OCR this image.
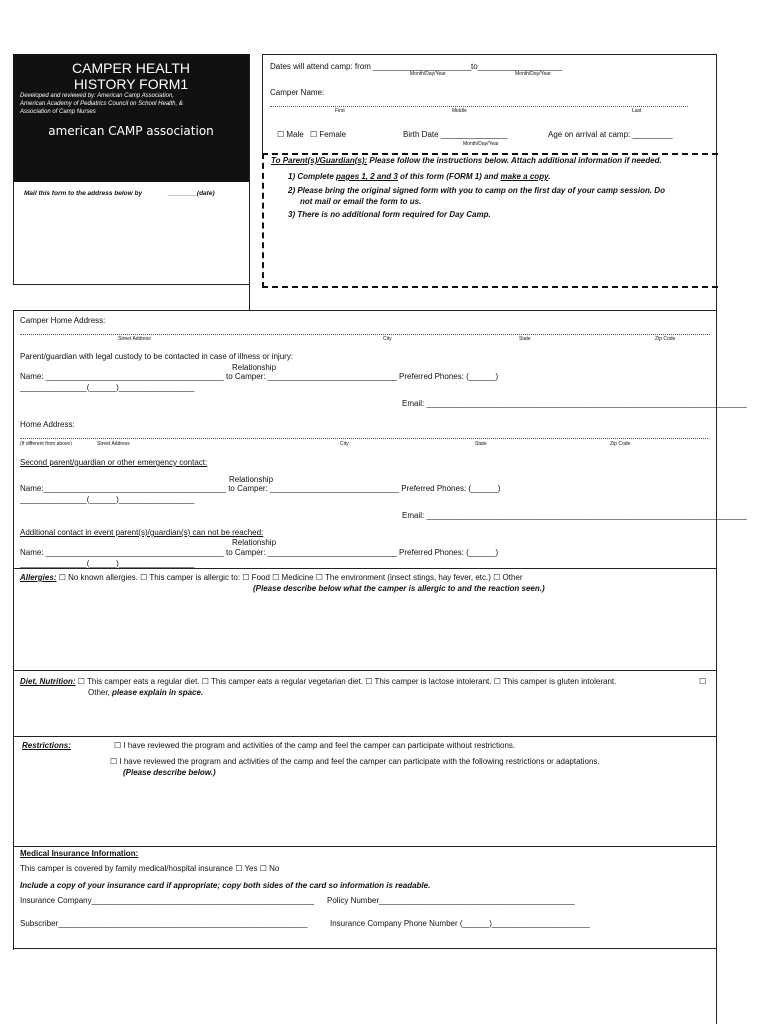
CAMPER HEALTH
HISTORY FORM1
Developed and reviewed by: American Camp Association,
American Academy of Pediatrics Council on School Health, &
Association of Camp Nurses
american CAMP association
Mail this form to the address below by	________(date)
Dates will attend camp: from ______________________to___________________
Month/Day/Year	Month/Day/Year
Camper Name:
First	Middle	Last
☐ Male ☐ Female	Birth Date _______________
Month/Day/Year
Age on arrival at camp: _________
To Parent(s)/Guardian(s): Please follow the instructions below. Attach additional information if needed.
1) Complete pages 1, 2 and 3 of this form (FORM 1) and make a copy.
2) Please bring the original signed form with you to camp on the first day of your camp session. Do
not mail or email the form to us.
3) There is no additional form required for Day Camp.
Camper Home Address:
Street Address	City	State	Zip Code
Parent/guardian with legal custody to be contacted in case of illness or injury:
Relationship
Name: ________________________________________ to Camper: _____________________________ Preferred Phones: (______)
_______________(______)_________________
Email: ________________________________________________________________________
Home Address:
(If different from above)	Street Address	City	State	Zip Code
Second parent/guardian or other emergency contact:
Relationship
Name:_________________________________________ to Camper: _____________________________ Preferred Phones: (______)
_______________(______)_________________
Email: ________________________________________________________________________
Additional contact in event parent(s)/guardian(s) can not be reached:
Relationship
Name: ________________________________________ to Camper: _____________________________ Preferred Phones: (______)
_______________(______)_________________
Allergies: ☐ No known allergies. ☐ This camper is allergic to: ☐ Food ☐ Medicine ☐ The environment (insect stings, hay fever, etc.) ☐ Other
(Please describe below what the camper is allergic to and the reaction seen.)
Diet, Nutrition: ☐ This camper eats a regular diet. ☐ This camper eats a regular vegetarian diet. ☐ This camper is lactose intolerant. ☐ This camper is gluten intolerant.	☐
Other, please explain in space.
Restrictions:	☐ I have reviewed the program and activities of the camp and feel the camper can participate without restrictions.
☐ I have reviewed the program and activities of the camp and feel the camper can participate with the following restrictions or adaptations.
(Please describe below.)
Medical Insurance Information:
This camper is covered by family medical/hospital insurance ☐ Yes ☐ No
Include a copy of your insurance card if appropriate; copy both sides of the card so information is readable.
Insurance Company__________________________________________________ Policy Number____________________________________________
Subscriber________________________________________________________	Insurance Company Phone Number (______)______________________
